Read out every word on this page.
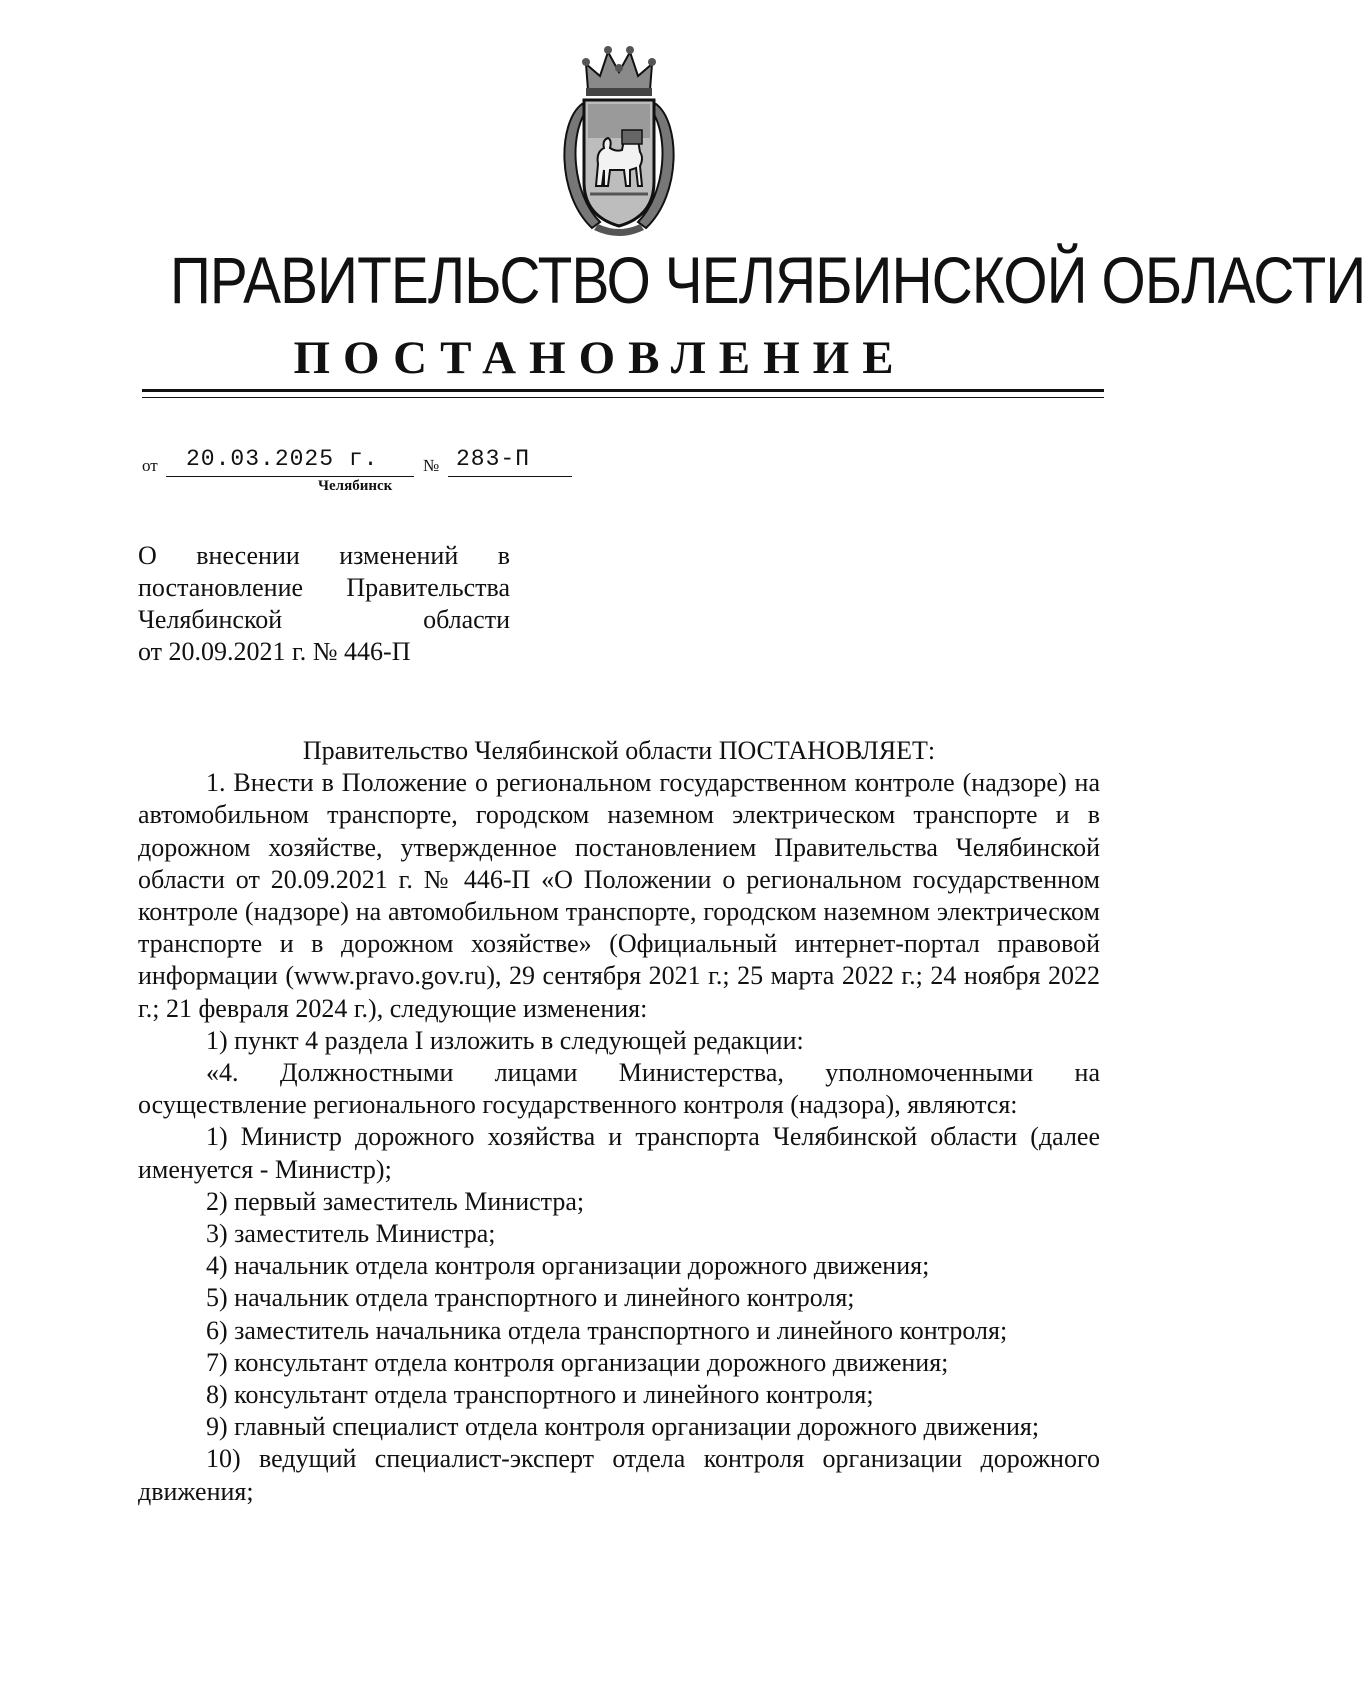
ПРАВИТЕЛЬСТВО ЧЕЛЯБИНСКОЙ ОБЛАСТИ
ПОСТАНОВЛЕНИЕ
от 20.03.2025 г.	№ 283-П
Челябинск
О внесении изменений в
постановление Правительства
Челябинской области
от 20.09.2021 г. № 446-П

Правительство Челябинской области ПОСТАНОВЛЯЕТ:

1. Внести в Положение о региональном государственном контроле (надзоре) на автомобильном транспорте, городском наземном электрическом транспорте и в дорожном хозяйстве, утвержденное постановлением Правительства Челябинской области от 20.09.2021 г. № 446-П «О Положении о региональном государственном контроле (надзоре) на автомобильном транспорте, городском наземном электрическом транспорте и в дорожном хозяйстве» (Официальный интернет-портал правовой информации (www.pravo.gov.ru), 29 сентября 2021 г.; 25 марта 2022 г.; 24 ноября 2022 г.; 21 февраля 2024 г.), следующие изменения:

1) пункт 4 раздела I изложить в следующей редакции:

«4. Должностными лицами Министерства, уполномоченными на осуществление регионального государственного контроля (надзора), являются:

1) Министр дорожного хозяйства и транспорта Челябинской области (далее именуется - Министр);

2) первый заместитель Министра;

3) заместитель Министра;

4) начальник отдела контроля организации дорожного движения;

5) начальник отдела транспортного и линейного контроля;

6) заместитель начальника отдела транспортного и линейного контроля;

7) консультант отдела контроля организации дорожного движения;

8) консультант отдела транспортного и линейного контроля;

9) главный специалист отдела контроля организации дорожного движения;

10) ведущий специалист-эксперт отдела контроля организации дорожного движения;
